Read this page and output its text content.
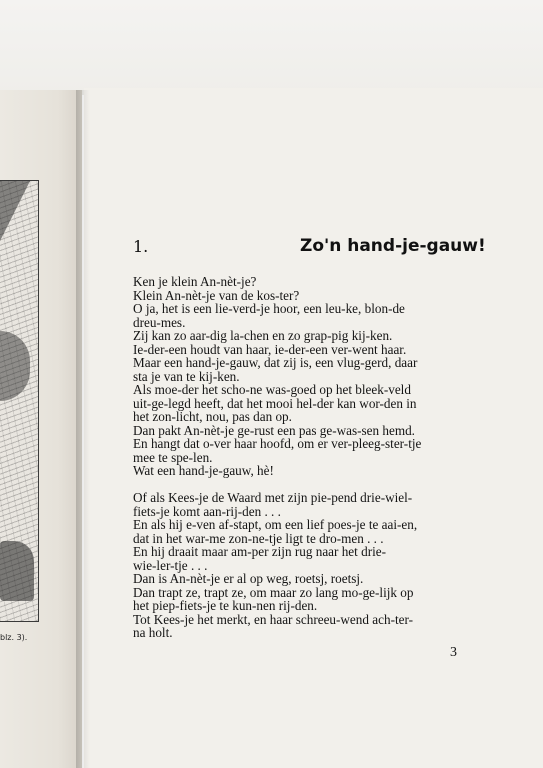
blz. 3).
1.	Zo'n hand-je-gauw!
Ken je klein An-nèt-je?
Klein An-nèt-je van de kos-ter?
O ja, het is een lie-verd-je hoor, een leu-ke, blon-de
dreu-mes.
Zij kan zo aar-dig la-chen en zo grap-pig kij-ken.
Ie-der-een houdt van haar, ie-der-een ver-went haar.
Maar een hand-je-gauw, dat zij is, een vlug-gerd, daar
sta je van te kij-ken.
Als moe-der het scho-ne was-goed op het bleek-veld
uit-ge-legd heeft, dat het mooi hel-der kan wor-den in
het zon-licht, nou, pas dan op.
Dan pakt An-nèt-je ge-rust een pas ge-was-sen hemd.
En hangt dat o-ver haar hoofd, om er ver-pleeg-ster-tje
mee te spe-len.
Wat een hand-je-gauw, hè!
Of als Kees-je de Waard met zijn pie-pend drie-wiel-
fiets-je komt aan-rij-den . . .
En als hij e-ven af-stapt, om een lief poes-je te aai-en,
dat in het war-me zon-ne-tje ligt te dro-men . . .
En hij draait maar am-per zijn rug naar het drie-
wie-ler-tje . . .
Dan is An-nèt-je er al op weg, roetsj, roetsj.
Dan trapt ze, trapt ze, om maar zo lang mo-ge-lijk op
het piep-fiets-je te kun-nen rij-den.
Tot Kees-je het merkt, en haar schreeu-wend ach-ter-
na holt.
3
